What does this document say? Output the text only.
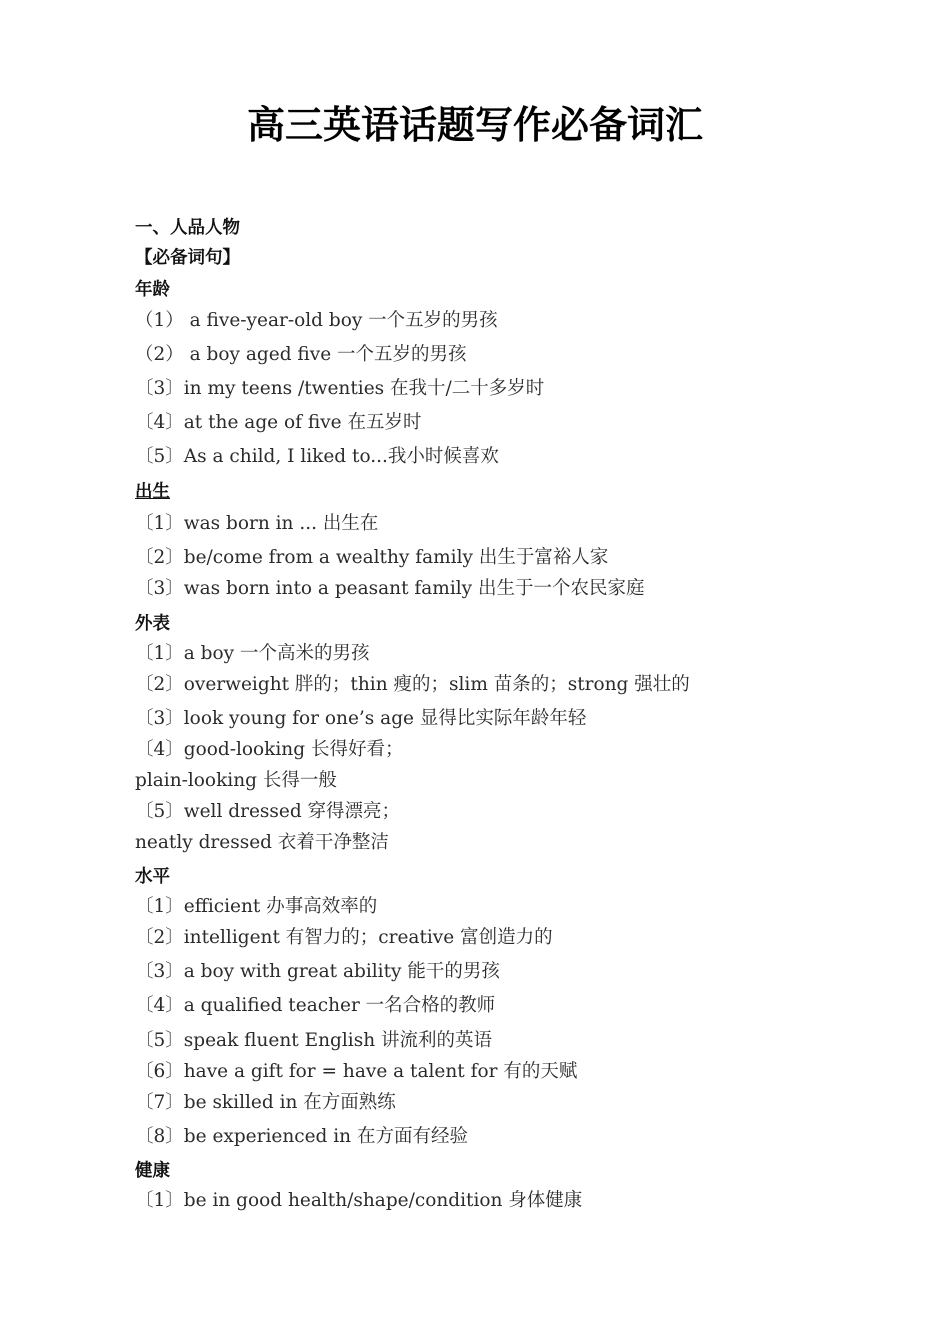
高三英语话题写作必备词汇
一、人品人物
【必备词句】
年龄
（1） a five-year-old boy 一个五岁的男孩
（2） a boy aged five 一个五岁的男孩
〔3〕in my teens /twenties 在我十/二十多岁时
〔4〕at the age of five 在五岁时
〔5〕As a child, I liked to...我小时候喜欢
出生
〔1〕was born in ... 出生在
〔2〕be/come from a wealthy family 出生于富裕人家
〔3〕was born into a peasant family 出生于一个农民家庭
外表
〔1〕a boy 一个高米的男孩
〔2〕overweight 胖的；thin 瘦的；slim 苗条的；strong 强壮的
〔3〕look young for one’s age 显得比实际年龄年轻
〔4〕good-looking 长得好看；
plain-looking 长得一般
〔5〕well dressed 穿得漂亮；
neatly dressed 衣着干净整洁
水平
〔1〕efficient 办事高效率的
〔2〕intelligent 有智力的；creative 富创造力的
〔3〕a boy with great ability 能干的男孩
〔4〕a qualified teacher 一名合格的教师
〔5〕speak fluent English 讲流利的英语
〔6〕have a gift for = have a talent for 有的天赋
〔7〕be skilled in 在方面熟练
〔8〕be experienced in 在方面有经验
健康
〔1〕be in good health/shape/condition 身体健康
